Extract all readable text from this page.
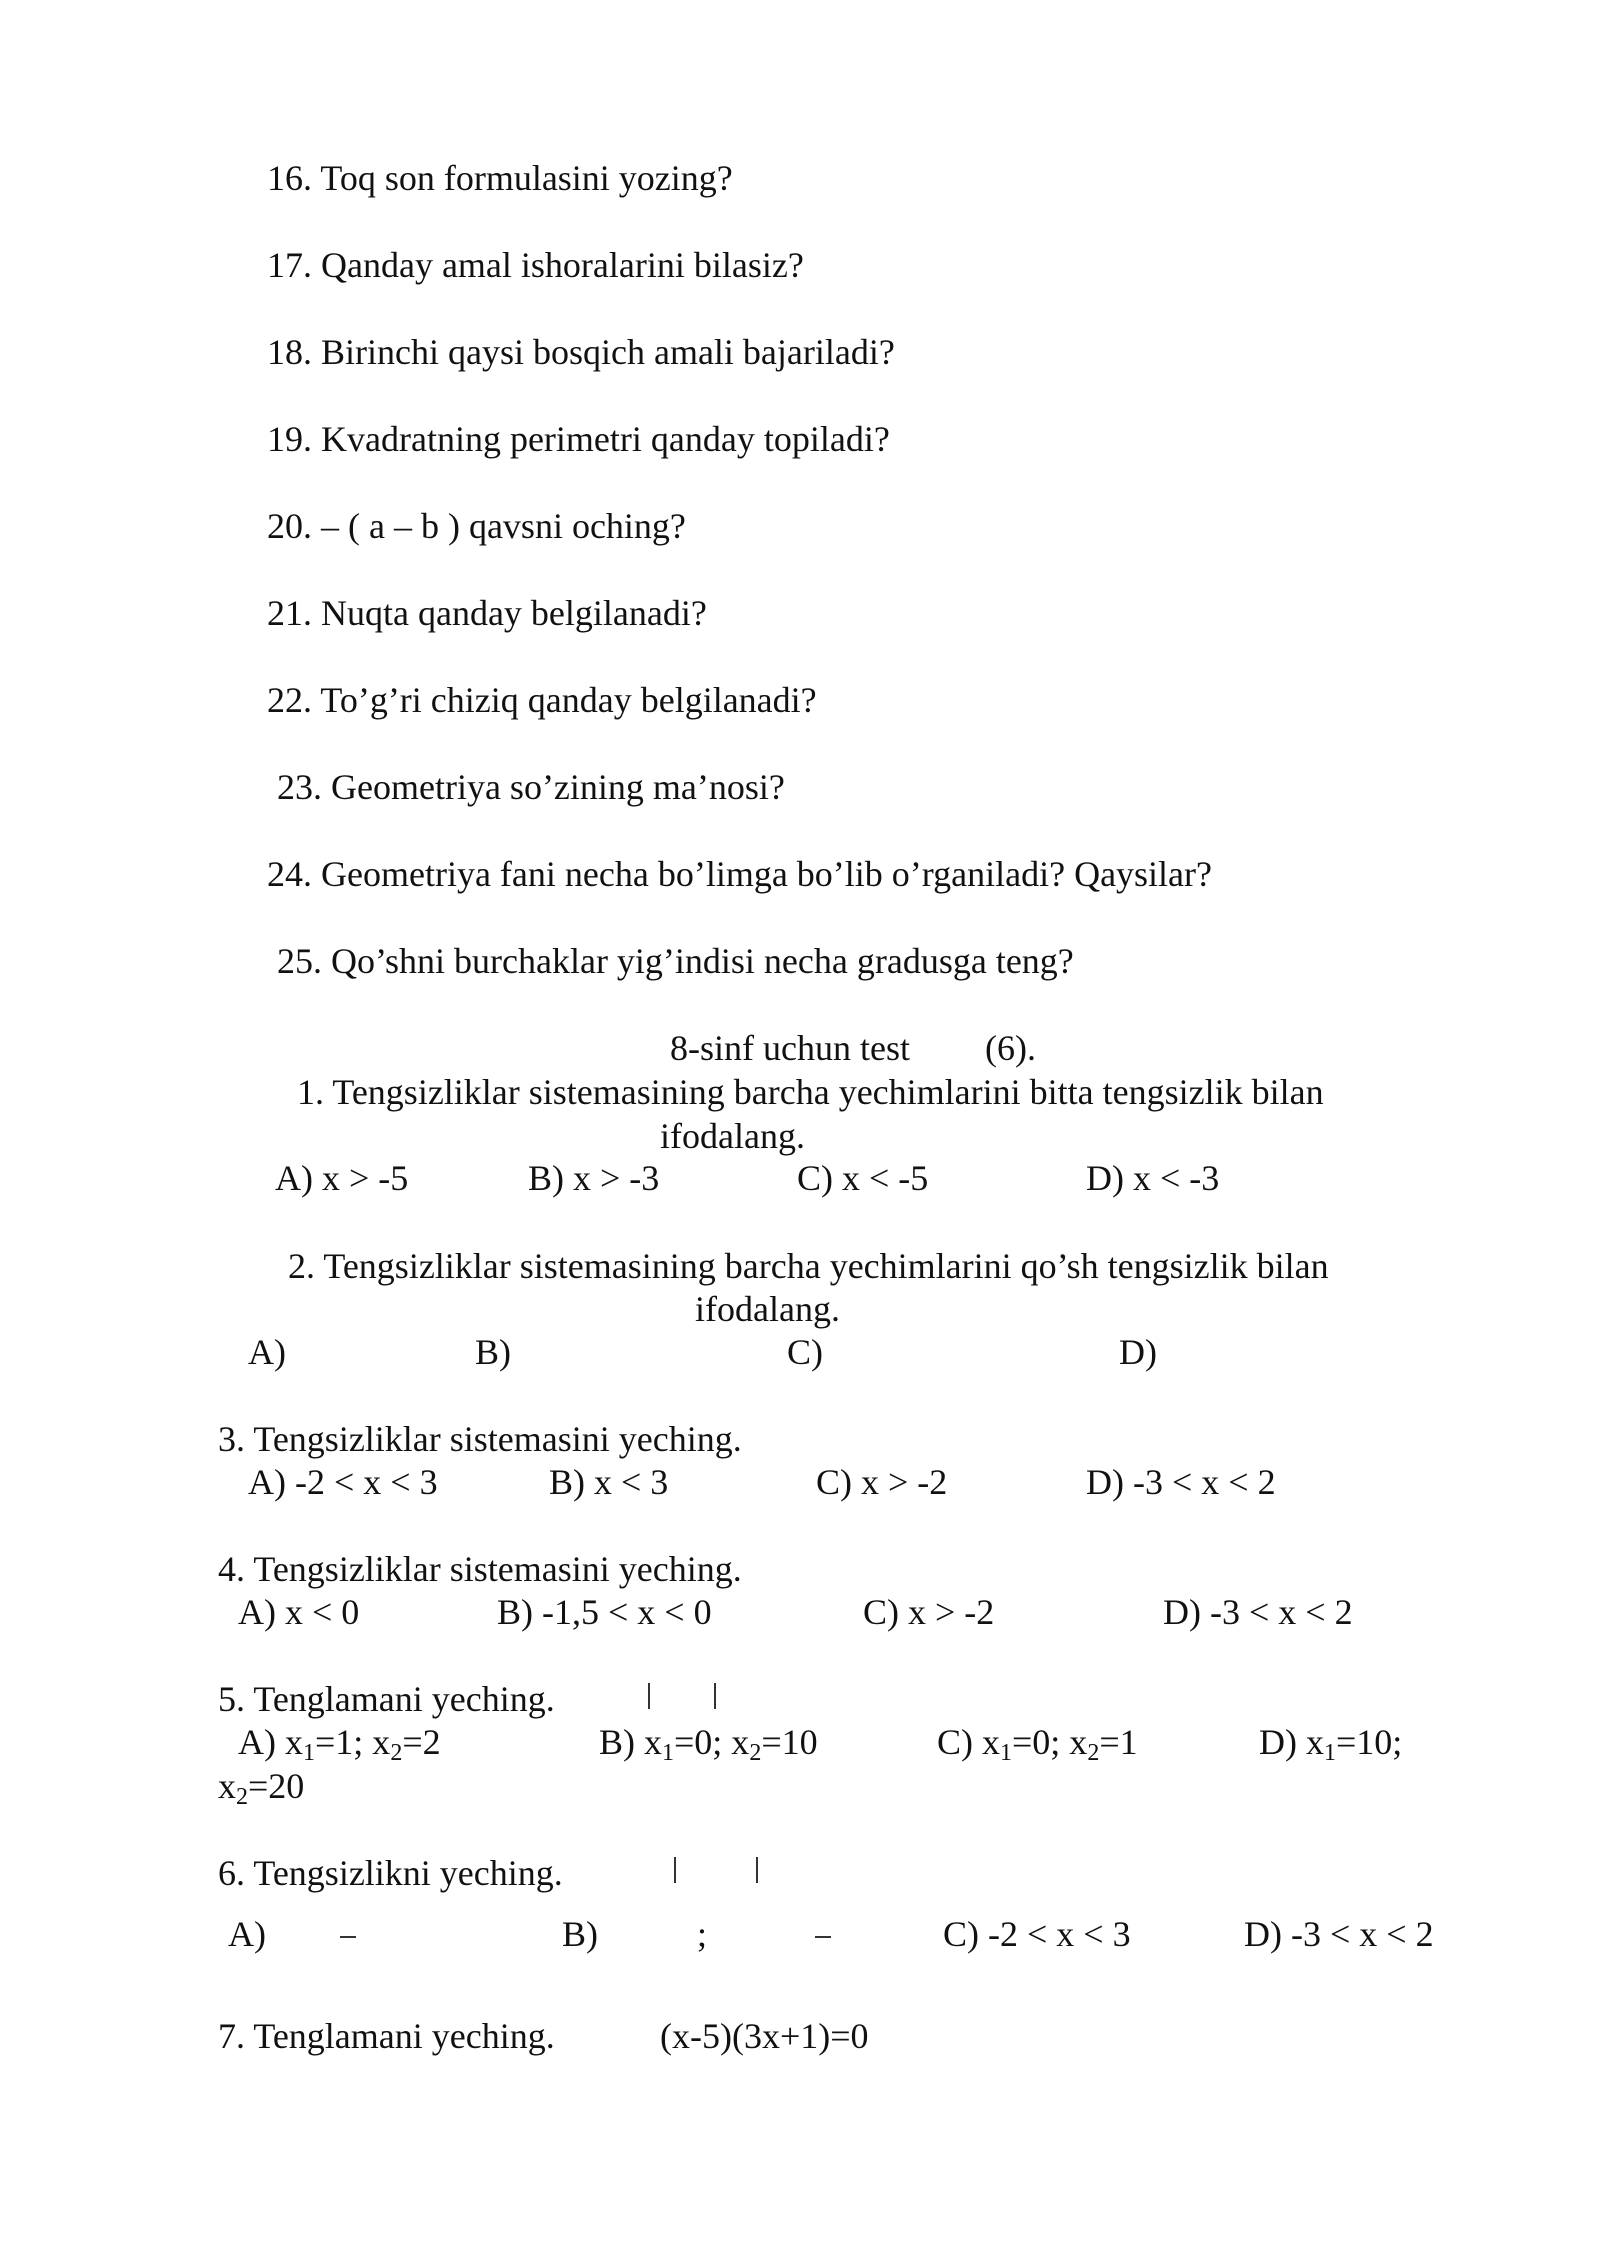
16. Toq son formulasini yozing?
17. Qanday amal ishoralarini bilasiz?
18. Birinchi qaysi bosqich amali bajariladi?
19. Kvadratning perimetri qanday topiladi?
20. – ( a – b ) qavsni oching?
21. Nuqta qanday belgilanadi?
22. To’g’ri chiziq qanday belgilanadi?
23. Geometriya so’zining ma’nosi?
24. Geometriya fani necha bo’limga bo’lib o’rganiladi? Qaysilar?
25. Qo’shni burchaklar yig’indisi necha gradusga teng?
8-sinf uchun test (6).
1. Tengsizliklar sistemasining barcha yechimlarini bitta tengsizlik bilan
ifodalang.
A) x > -5	B) x > -3	C) x < -5	D) x < -3
2. Tengsizliklar sistemasining barcha yechimlarini qo’sh tengsizlik bilan
ifodalang.
A)	B)	C)	D)
3. Tengsizliklar sistemasini yeching.
A) -2 < x < 3	B) x < 3	C) x > -2	D) -3 < x < 2
4. Tengsizliklar sistemasini yeching.
A) x < 0	B) -1,5 < x < 0	C) x > -2	D) -3 < x < 2
5. Tenglamani yeching.
A) $x_1=1$; $x_2=2$	B) $x_1=0$; $x_2=10$	C) $x_1=0$; $x_2=1$	D) $x_1=10$;
$x_2=20$
6. Tengsizlikni yeching.
A)	B)	;	C) -2 < x < 3	D) -3 < x < 2
7. Tenglamani yeching.	(x-5)(3x+1)=0
